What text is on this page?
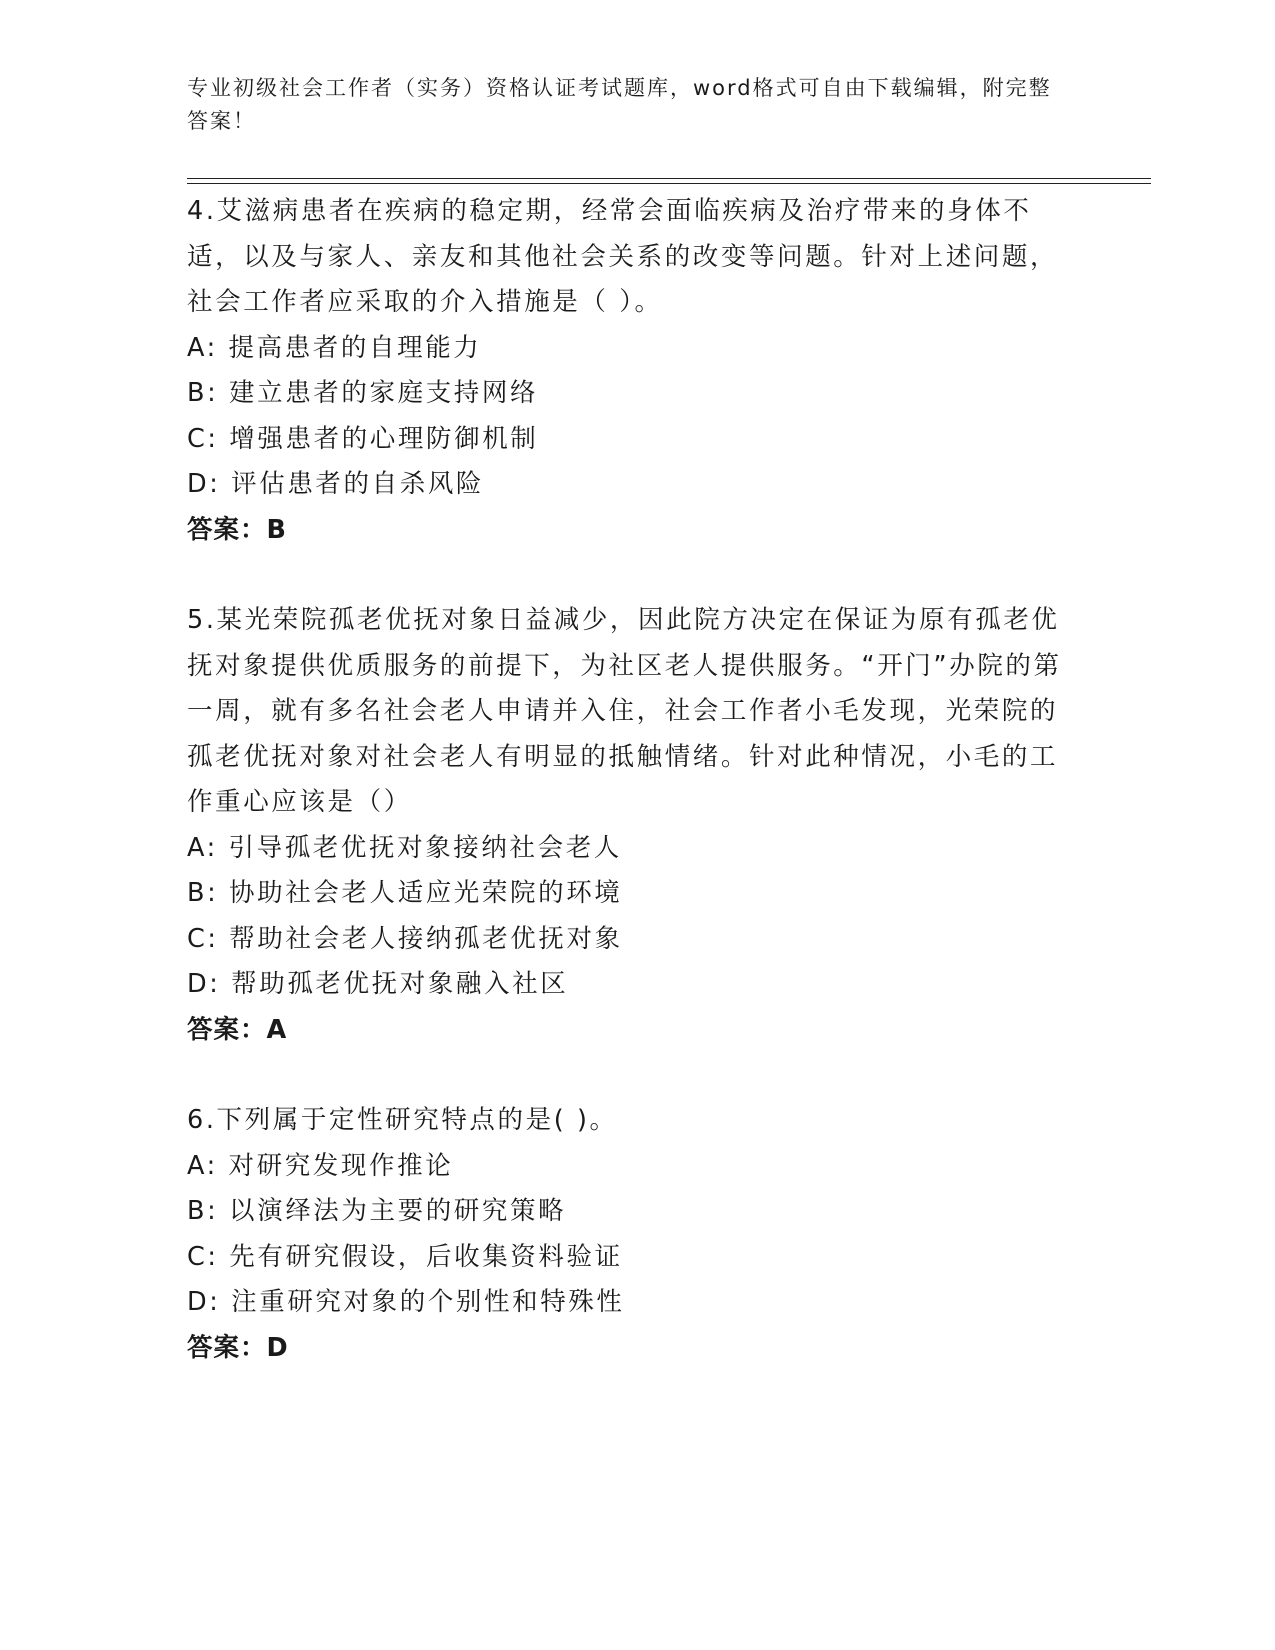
专业初级社会工作者（实务）资格认证考试题库，word格式可自由下载编辑，附完整答案！
4.艾滋病患者在疾病的稳定期，经常会面临疾病及治疗带来的身体不适，以及与家人、亲友和其他社会关系的改变等问题。针对上述问题，社会工作者应采取的介入措施是（ ）。
A: 提高患者的自理能力
B: 建立患者的家庭支持网络
C: 增强患者的心理防御机制
D: 评估患者的自杀风险
答案：B
5.某光荣院孤老优抚对象日益减少，因此院方决定在保证为原有孤老优抚对象提供优质服务的前提下，为社区老人提供服务。“开门”办院的第一周，就有多名社会老人申请并入住，社会工作者小毛发现，光荣院的孤老优抚对象对社会老人有明显的抵触情绪。针对此种情况，小毛的工作重心应该是（）
A: 引导孤老优抚对象接纳社会老人
B: 协助社会老人适应光荣院的环境
C: 帮助社会老人接纳孤老优抚对象
D: 帮助孤老优抚对象融入社区
答案：A
6.下列属于定性研究特点的是( )。
A: 对研究发现作推论
B: 以演绎法为主要的研究策略
C: 先有研究假设，后收集资料验证
D: 注重研究对象的个别性和特殊性
答案：D
